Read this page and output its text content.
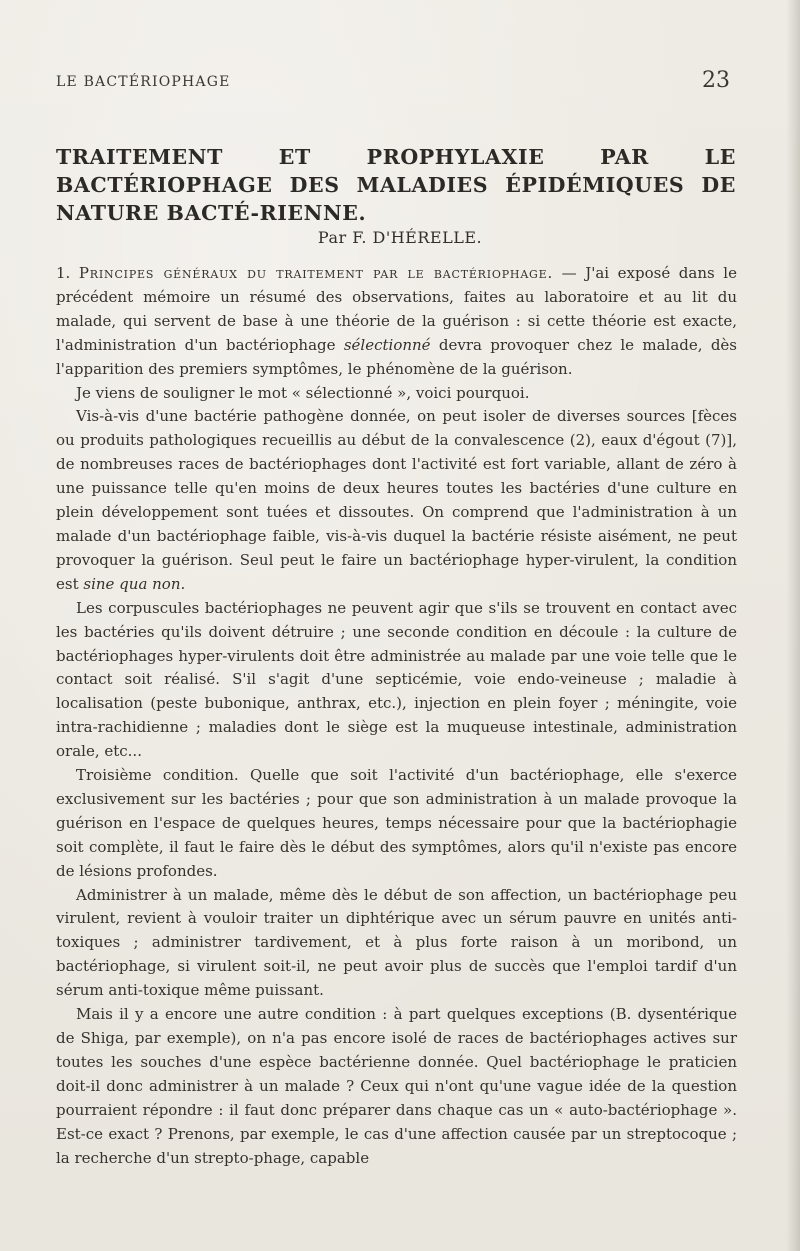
LE BACTÉRIOPHAGE	23
TRAITEMENT ET PROPHYLAXIE PAR LE BACTÉRIOPHAGE DES MALADIES ÉPIDÉMIQUES DE NATURE BACTÉ-RIENNE.
Par F. D'HÉRELLE.

1. Principes généraux du traitement par le bactériophage. — J'ai exposé dans le précédent mémoire un résumé des observations, faites au laboratoire et au lit du malade, qui servent de base à une théorie de la guérison : si cette théorie est exacte, l'administration d'un bactériophage sélectionné devra provoquer chez le malade, dès l'apparition des premiers symptômes, le phénomène de la guérison.

Je viens de souligner le mot « sélectionné », voici pourquoi.

Vis-à-vis d'une bactérie pathogène donnée, on peut isoler de diverses sources [fèces ou produits pathologiques recueillis au début de la convalescence (2), eaux d'égout (7)], de nombreuses races de bactériophages dont l'activité est fort variable, allant de zéro à une puissance telle qu'en moins de deux heures toutes les bactéries d'une culture en plein développement sont tuées et dissoutes. On comprend que l'administration à un malade d'un bactériophage faible, vis-à-vis duquel la bactérie résiste aisément, ne peut provoquer la guérison. Seul peut le faire un bactériophage hyper-virulent, la condition est sine qua non.

Les corpuscules bactériophages ne peuvent agir que s'ils se trouvent en contact avec les bactéries qu'ils doivent détruire ; une seconde condition en découle : la culture de bactériophages hyper-virulents doit être administrée au malade par une voie telle que le contact soit réalisé. S'il s'agit d'une septicémie, voie endo-veineuse ; maladie à localisation (peste bubonique, anthrax, etc.), injection en plein foyer ; méningite, voie intra-rachidienne ; maladies dont le siège est la muqueuse intestinale, administration orale, etc...

Troisième condition. Quelle que soit l'activité d'un bactériophage, elle s'exerce exclusivement sur les bactéries ; pour que son administration à un malade provoque la guérison en l'espace de quelques heures, temps nécessaire pour que la bactériophagie soit complète, il faut le faire dès le début des symptômes, alors qu'il n'existe pas encore de lésions profondes.

Administrer à un malade, même dès le début de son affection, un bactériophage peu virulent, revient à vouloir traiter un diphtérique avec un sérum pauvre en unités anti-toxiques ; administrer tardivement, et à plus forte raison à un moribond, un bactériophage, si virulent soit-il, ne peut avoir plus de succès que l'emploi tardif d'un sérum anti-toxique même puissant.

Mais il y a encore une autre condition : à part quelques exceptions (B. dysentérique de Shiga, par exemple), on n'a pas encore isolé de races de bactériophages actives sur toutes les souches d'une espèce bactérienne donnée. Quel bactériophage le praticien doit-il donc administrer à un malade ? Ceux qui n'ont qu'une vague idée de la question pourraient répondre : il faut donc préparer dans chaque cas un « auto-bactériophage ». Est-ce exact ? Prenons, par exemple, le cas d'une affection causée par un streptocoque ; la recherche d'un strepto-phage, capable
